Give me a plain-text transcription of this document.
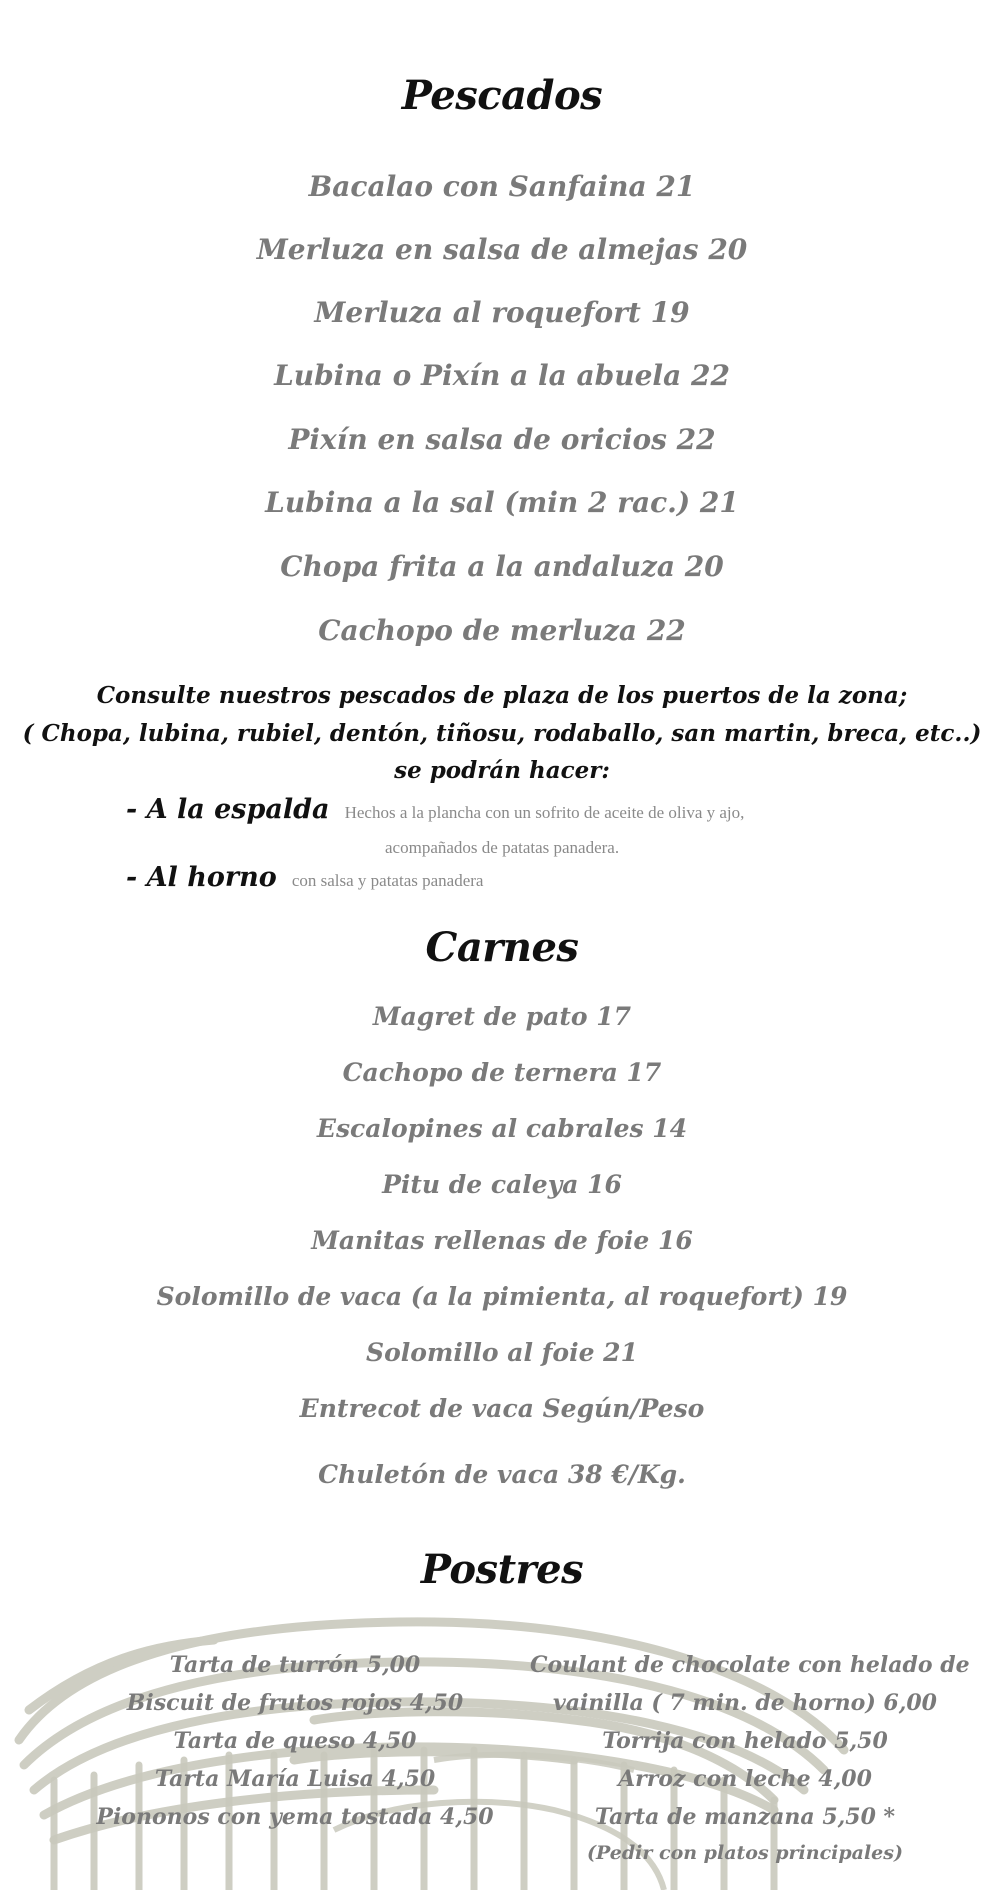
Pescados
Bacalao con Sanfaina 21
Merluza en salsa de almejas 20
Merluza al roquefort 19
Lubina o Pixín a la abuela 22
Pixín en salsa de oricios 22
Lubina a la sal (min 2 rac.) 21
Chopa frita a la andaluza 20
Cachopo de merluza 22
Consulte nuestros pescados de plaza de los puertos de la zona;
( Chopa, lubina, rubiel, dentón, tiñosu, rodaballo, san martin, breca, etc..)
se podrán hacer:
- A la espalda Hechos a la plancha con un sofrito de aceite de oliva y ajo,
acompañados de patatas panadera.
- Al horno con salsa y patatas panadera
Carnes
Magret de pato 17
Cachopo de ternera 17
Escalopines al cabrales 14
Pitu de caleya 16
Manitas rellenas de foie 16
Solomillo de vaca (a la pimienta, al roquefort) 19
Solomillo al foie 21
Entrecot de vaca Según/Peso
Chuletón de vaca 38 €/Kg.
Postres
Tarta de turrón 5,00
Biscuit de frutos rojos 4,50
Tarta de queso 4,50
Tarta María Luisa 4,50
Piononos con yema tostada 4,50
Coulant de chocolate con helado de
vainilla ( 7 min. de horno) 6,00
Torrija con helado 5,50
Arroz con leche 4,00
Tarta de manzana 5,50 *
(Pedir con platos principales)
